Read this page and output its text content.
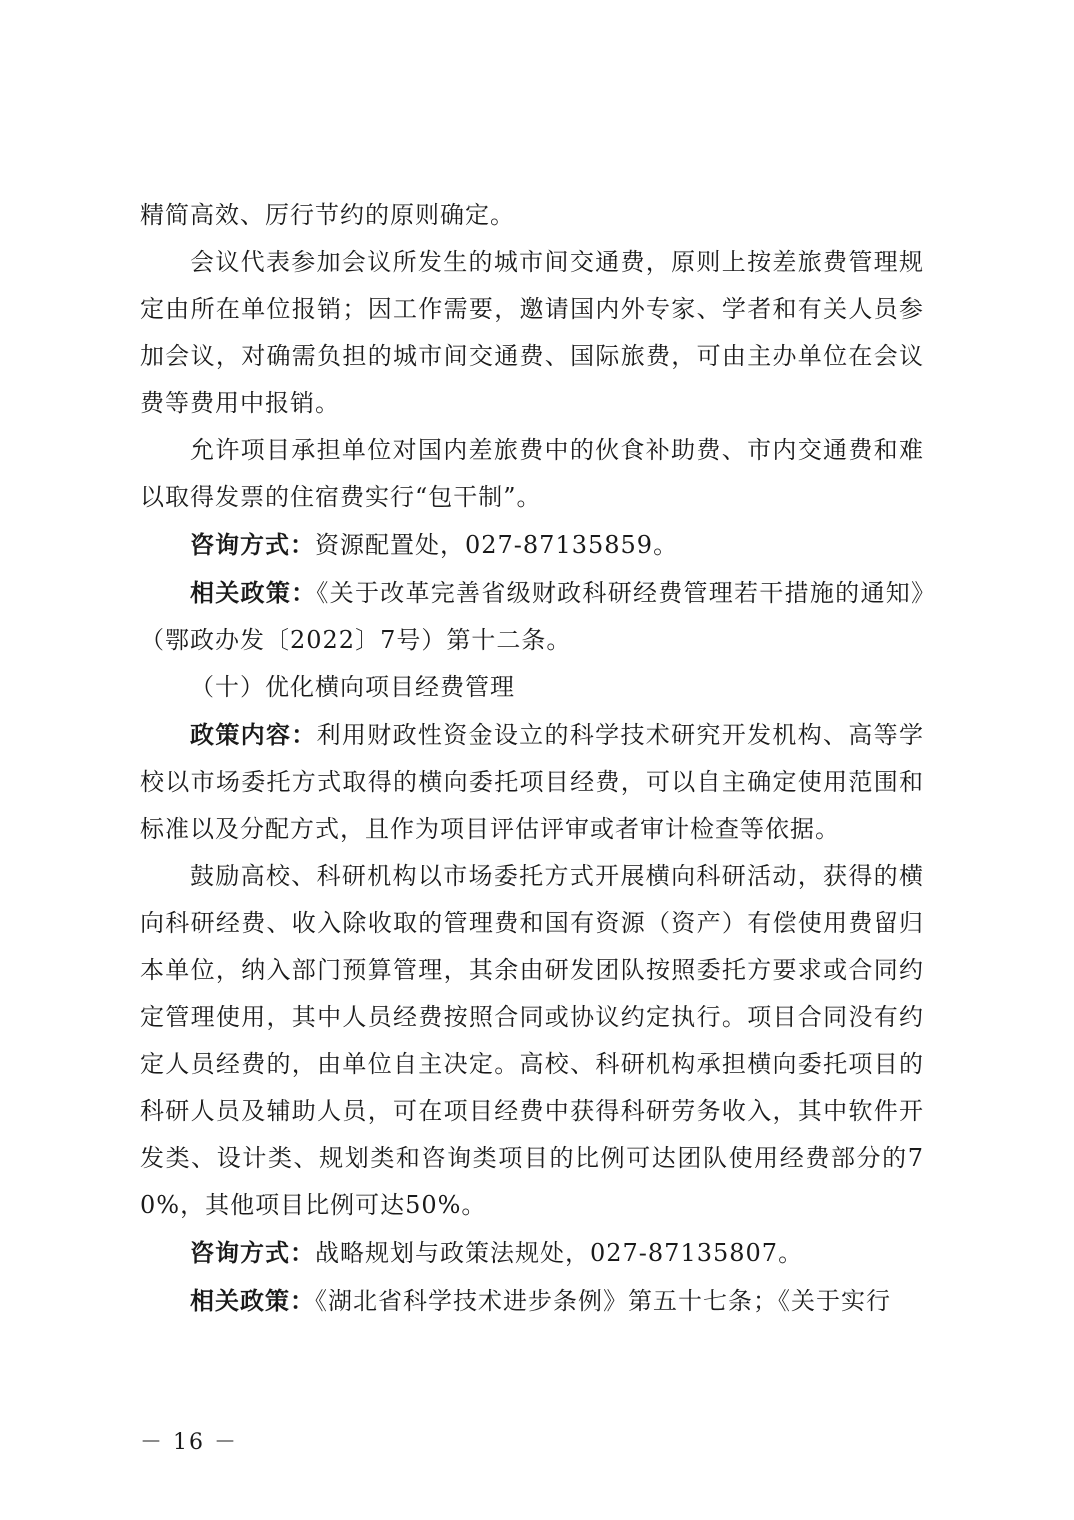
精简高效、厉行节约的原则确定。

会议代表参加会议所发生的城市间交通费，原则上按差旅费管理规定由所在单位报销；因工作需要，邀请国内外专家、学者和有关人员参加会议，对确需负担的城市间交通费、国际旅费，可由主办单位在会议费等费用中报销。

允许项目承担单位对国内差旅费中的伙食补助费、市内交通费和难以取得发票的住宿费实行“包干制”。

咨询方式：资源配置处，027-87135859。

相关政策：《关于改革完善省级财政科研经费管理若干措施的通知》（鄂政办发〔2022〕7号）第十二条。

（十）优化横向项目经费管理

政策内容：利用财政性资金设立的科学技术研究开发机构、高等学校以市场委托方式取得的横向委托项目经费，可以自主确定使用范围和标准以及分配方式，且作为项目评估评审或者审计检查等依据。

鼓励高校、科研机构以市场委托方式开展横向科研活动，获得的横向科研经费、收入除收取的管理费和国有资源（资产）有偿使用费留归本单位，纳入部门预算管理，其余由研发团队按照委托方要求或合同约定管理使用，其中人员经费按照合同或协议约定执行。项目合同没有约定人员经费的，由单位自主决定。高校、科研机构承担横向委托项目的科研人员及辅助人员，可在项目经费中获得科研劳务收入，其中软件开发类、设计类、规划类和咨询类项目的比例可达团队使用经费部分的70%，其他项目比例可达50%。

咨询方式：战略规划与政策法规处，027-87135807。

相关政策：《湖北省科学技术进步条例》第五十七条；《关于实行

－ 16 －
